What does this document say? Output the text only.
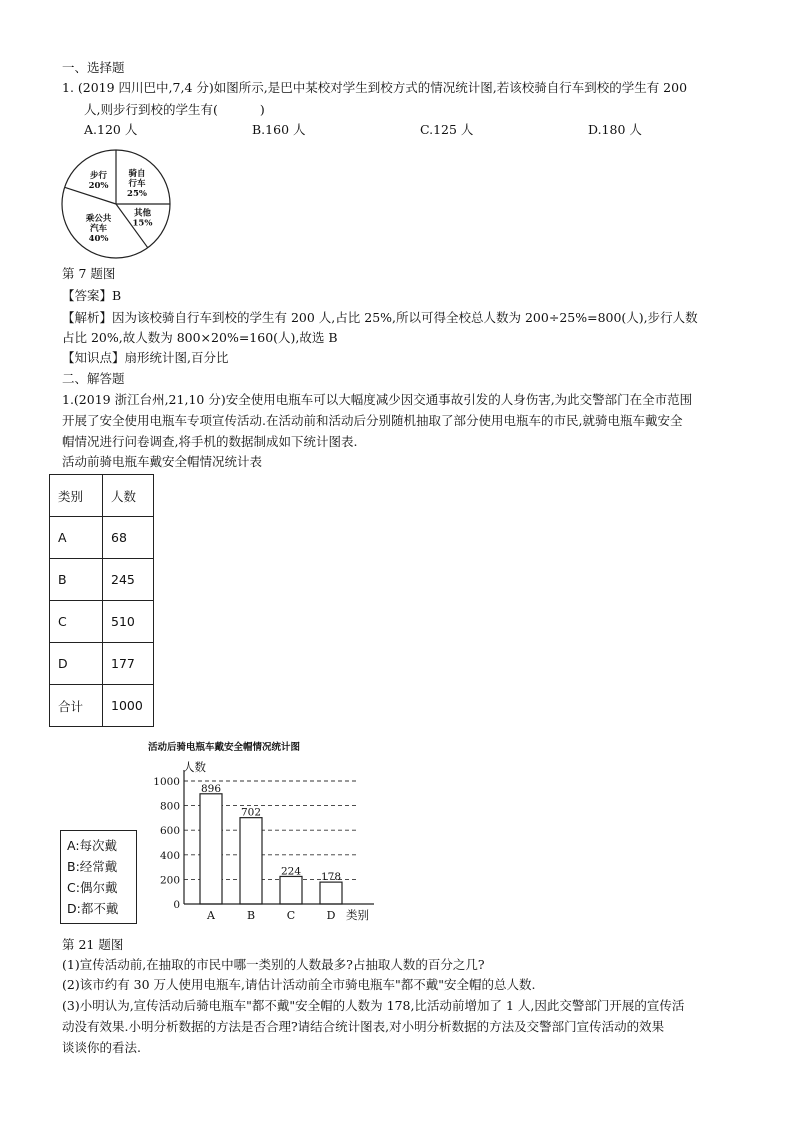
一、选择题
1. (2019 四川巴中,7,4 分)如图所示,是巴中某校对学生到校方式的情况统计图,若该校骑自行车到校的学生有 200
人,则步行到校的学生有(	)
A.120 人	B.160 人	C.125 人	D.180 人
骑自行车 25%
其他 15%
乘公共汽车 40%
步行 20%
第 7 题图
【答案】B
【解析】因为该校骑自行车到校的学生有 200 人,占比 25%,所以可得全校总人数为 200÷25%=800(人),步行人数
占比 20%,故人数为 800×20%=160(人),故选 B
【知识点】扇形统计图,百分比
二、解答题
1.(2019 浙江台州,21,10 分)安全使用电瓶车可以大幅度减少因交通事故引发的人身伤害,为此交警部门在全市范围
开展了安全使用电瓶车专项宣传活动.在活动前和活动后分别随机抽取了部分使用电瓶车的市民,就骑电瓶车戴安全
帽情况进行问卷调查,将手机的数据制成如下统计图表.
活动前骑电瓶车戴安全帽情况统计表
类别	人数
A	68
B	245
C	510
D	177
合计	1000
活动后骑电瓶车戴安全帽情况统计图
人数
0
200
400
600
800
1000
896
A
702
B
224
C
178
D 类别
A:每次戴
B:经常戴
C:偶尔戴
D:都不戴
第 21 题图
(1)宣传活动前,在抽取的市民中哪一类别的人数最多?占抽取人数的百分之几?
(2)该市约有 30 万人使用电瓶车,请估计活动前全市骑电瓶车"都不戴"安全帽的总人数.
(3)小明认为,宣传活动后骑电瓶车"都不戴"安全帽的人数为 178,比活动前增加了 1 人,因此交警部门开展的宣传活
动没有效果.小明分析数据的方法是否合理?请结合统计图表,对小明分析数据的方法及交警部门宣传活动的效果
谈谈你的看法.
